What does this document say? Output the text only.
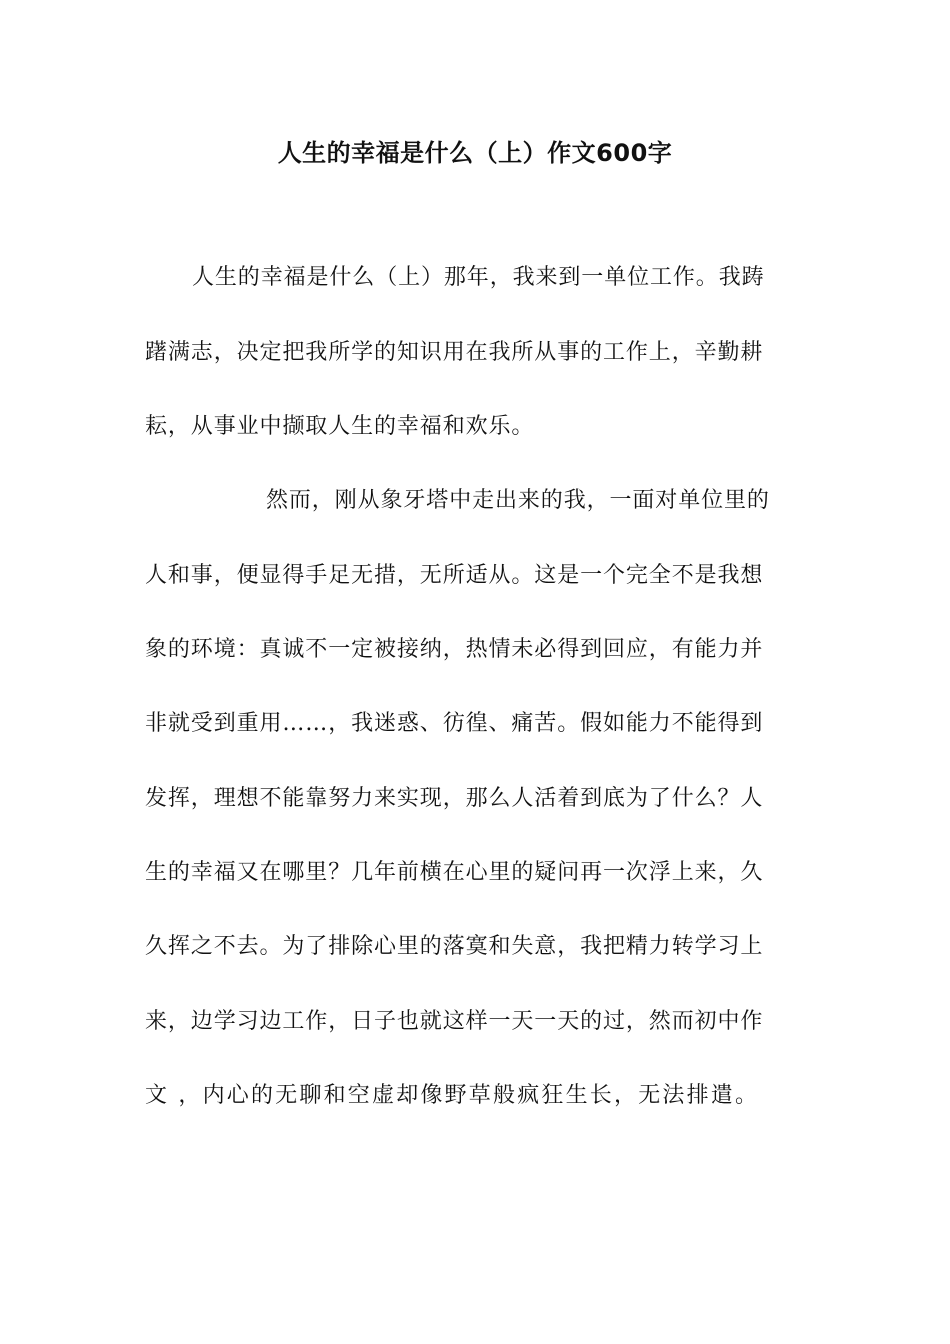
人生的幸福是什么（上）作文600字
人生的幸福是什么（上）那年，我来到一单位工作。我踌
躇满志，决定把我所学的知识用在我所从事的工作上，辛勤耕
耘，从事业中撷取人生的幸福和欢乐。
然而，刚从象牙塔中走出来的我，一面对单位里的
人和事，便显得手足无措，无所适从。这是一个完全不是我想
象的环境：真诚不一定被接纳，热情未必得到回应，有能力并
非就受到重用……，我迷惑、彷徨、痛苦。假如能力不能得到
发挥，理想不能靠努力来实现，那么人活着到底为了什么？人
生的幸福又在哪里？几年前横在心里的疑问再一次浮上来，久
久挥之不去。为了排除心里的落寞和失意，我把精力转学习上
来，边学习边工作，日子也就这样一天一天的过，然而初中作
文 ，内心的无聊和空虚却像野草般疯狂生长，无法排遣。
